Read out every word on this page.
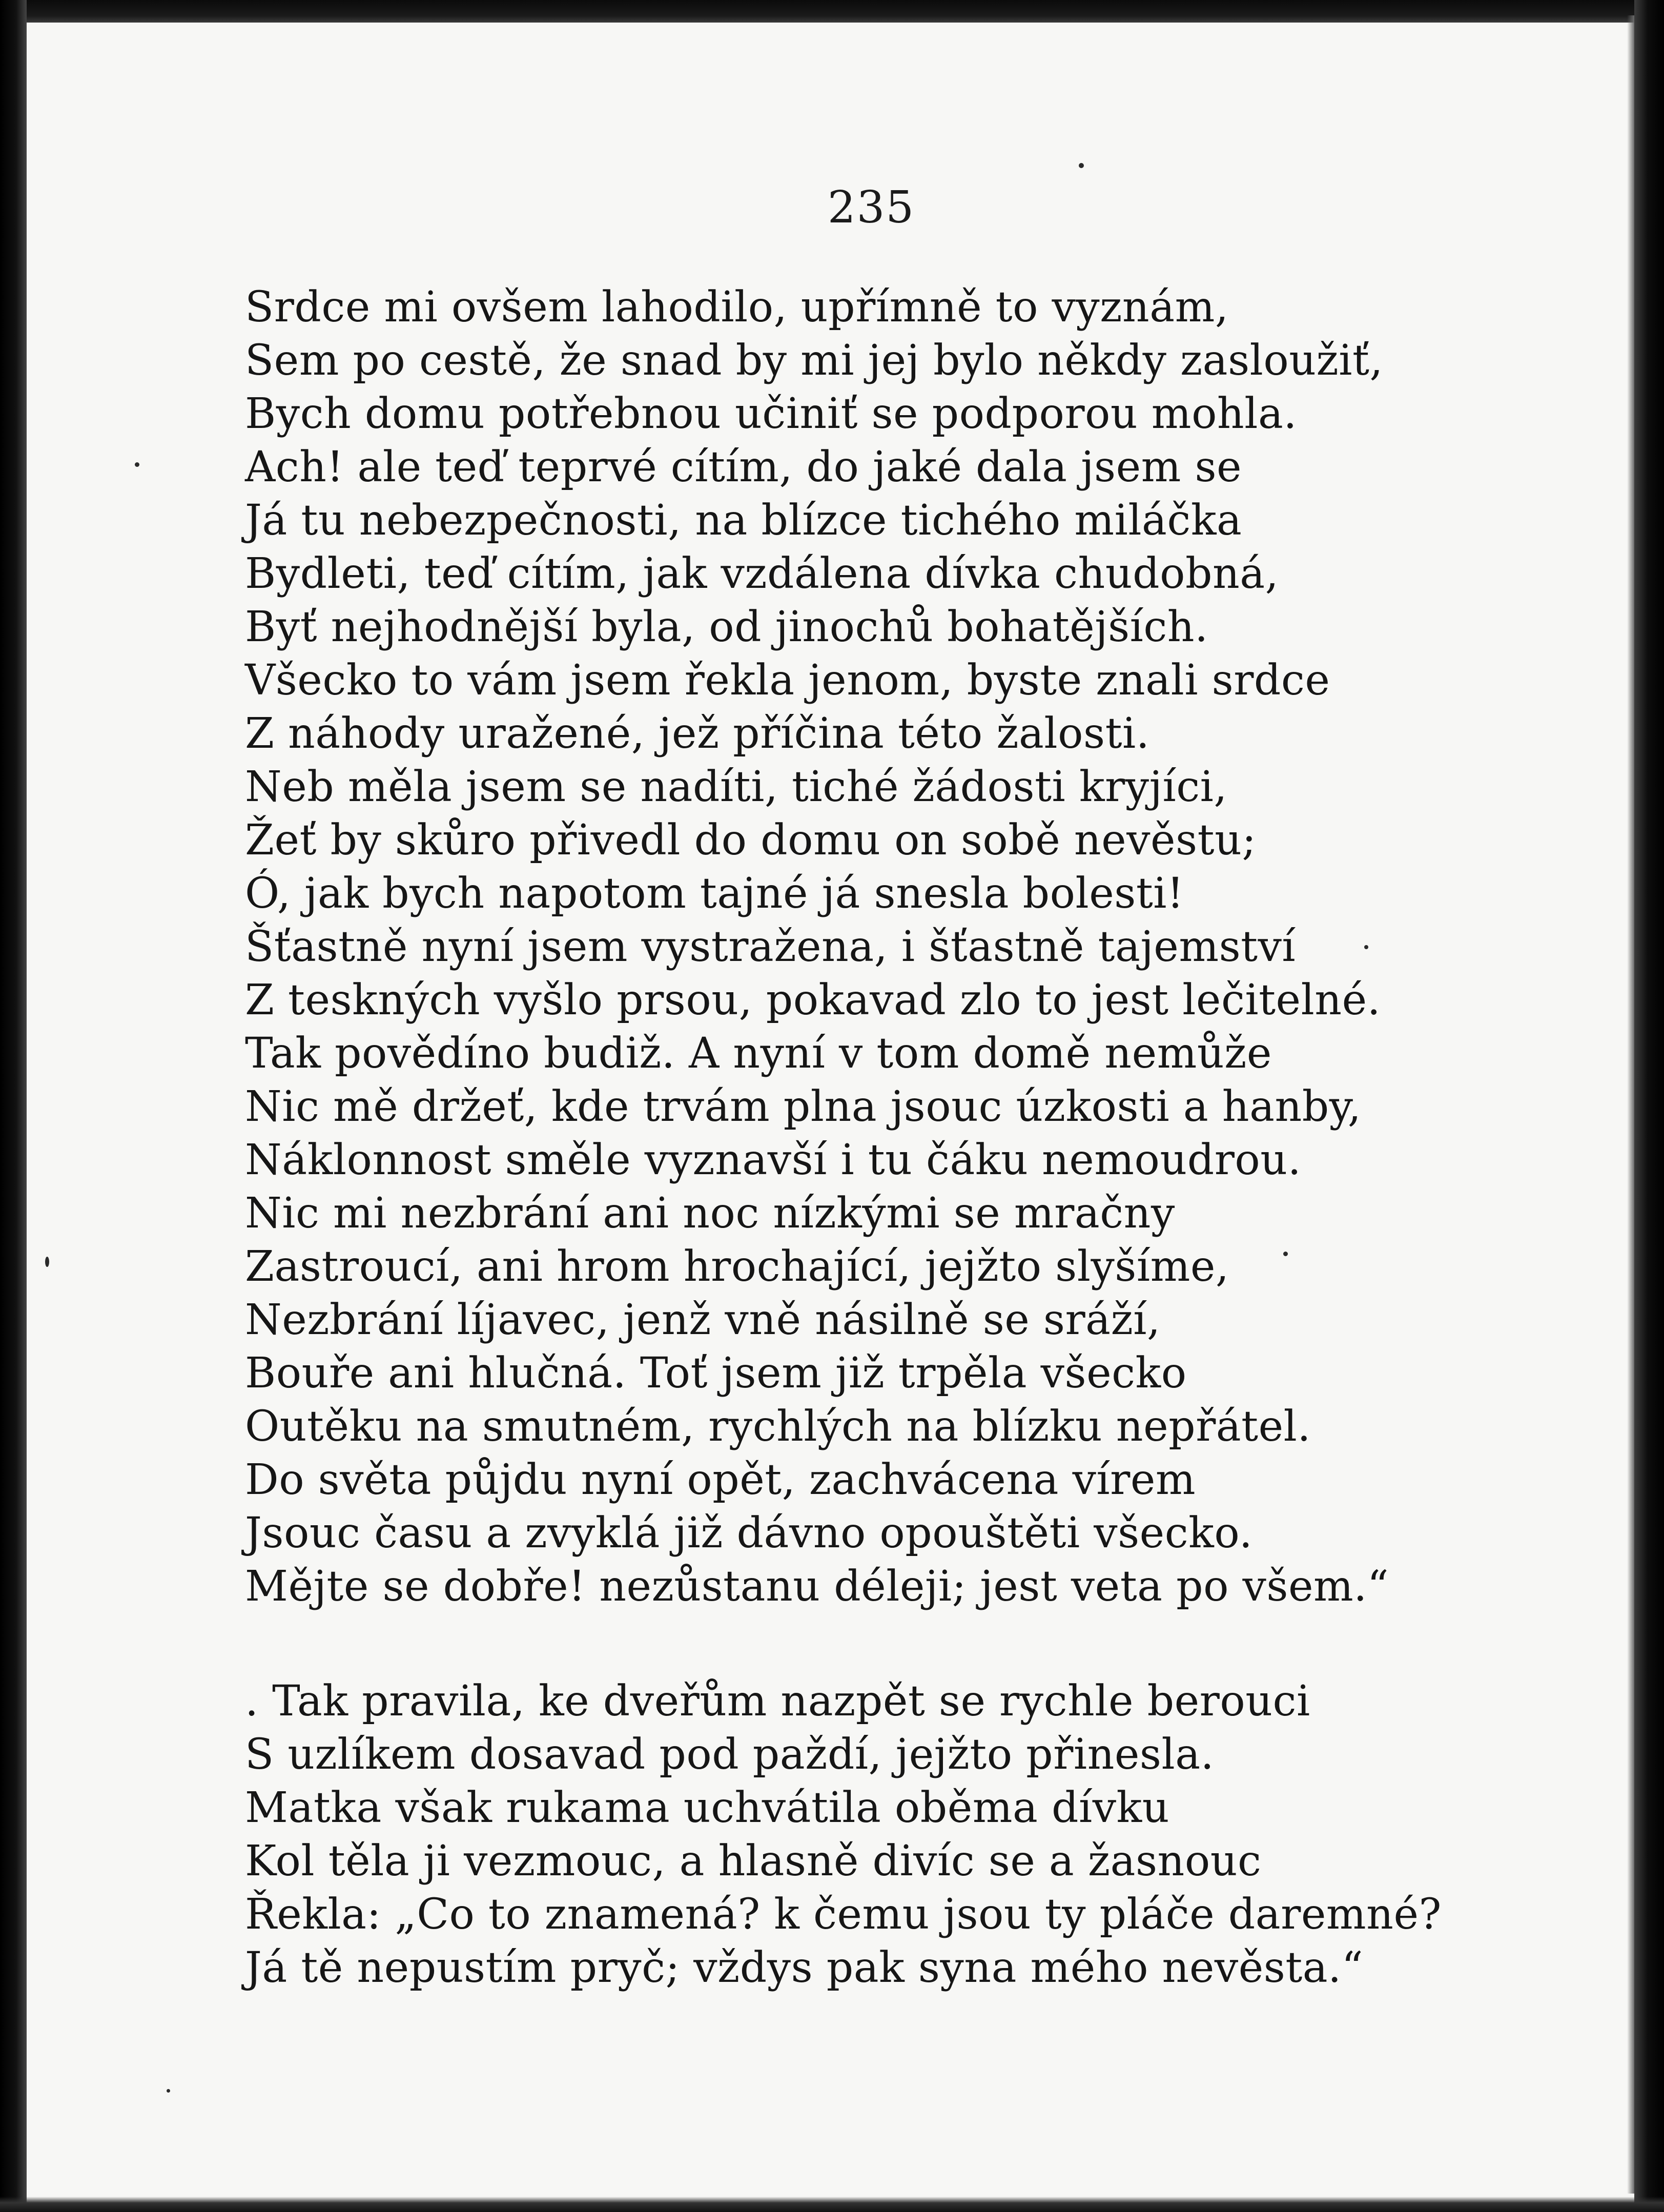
235
Srdce mi ovšem lahodilo, upřímně to vyznám,
Sem po cestě, že snad by mi jej bylo někdy zasloužiť,
Bych domu potřebnou učiniť se podporou mohla.
Ach! ale teď teprvé cítím, do jaké dala jsem se
Já tu nebezpečnosti, na blízce tichého miláčka
Bydleti, teď cítím, jak vzdálena dívka chudobná,
Byť nejhodnější byla, od jinochů bohatějších.
Všecko to vám jsem řekla jenom, byste znali srdce
Z náhody uražené, jež příčina této žalosti.
Neb měla jsem se nadíti, tiché žádosti kryjíci,
Žeť by skůro přivedl do domu on sobě nevěstu;
Ó, jak bych napotom tajné já snesla bolesti!
Šťastně nyní jsem vystražena, i šťastně tajemství
Z teskných vyšlo prsou, pokavad zlo to jest lečitelné.
Tak povědíno budiž. A nyní v tom domě nemůže
Nic mě držeť, kde trvám plna jsouc úzkosti a hanby,
Náklonnost směle vyznavší i tu čáku nemoudrou.
Nic mi nezbrání ani noc nízkými se mračny
Zastroucí, ani hrom hrochající, jejžto slyšíme,
Nezbrání líjavec, jenž vně násilně se sráží,
Bouře ani hlučná. Toť jsem již trpěla všecko
Outěku na smutném, rychlých na blízku nepřátel.
Do světa půjdu nyní opět, zachvácena vírem
Jsouc času a zvyklá již dávno opouštěti všecko.
Mějte se dobře! nezůstanu déleji; jest veta po všem.“
. Tak pravila, ke dveřům nazpět se rychle berouci
S uzlíkem dosavad pod paždí, jejžto přinesla.
Matka však rukama uchvátila oběma dívku
Kol těla ji vezmouc, a hlasně divíc se a žasnouc
Řekla: „Co to znamená? k čemu jsou ty pláče daremné?
Já tě nepustím pryč; vždys pak syna mého nevěsta.“
